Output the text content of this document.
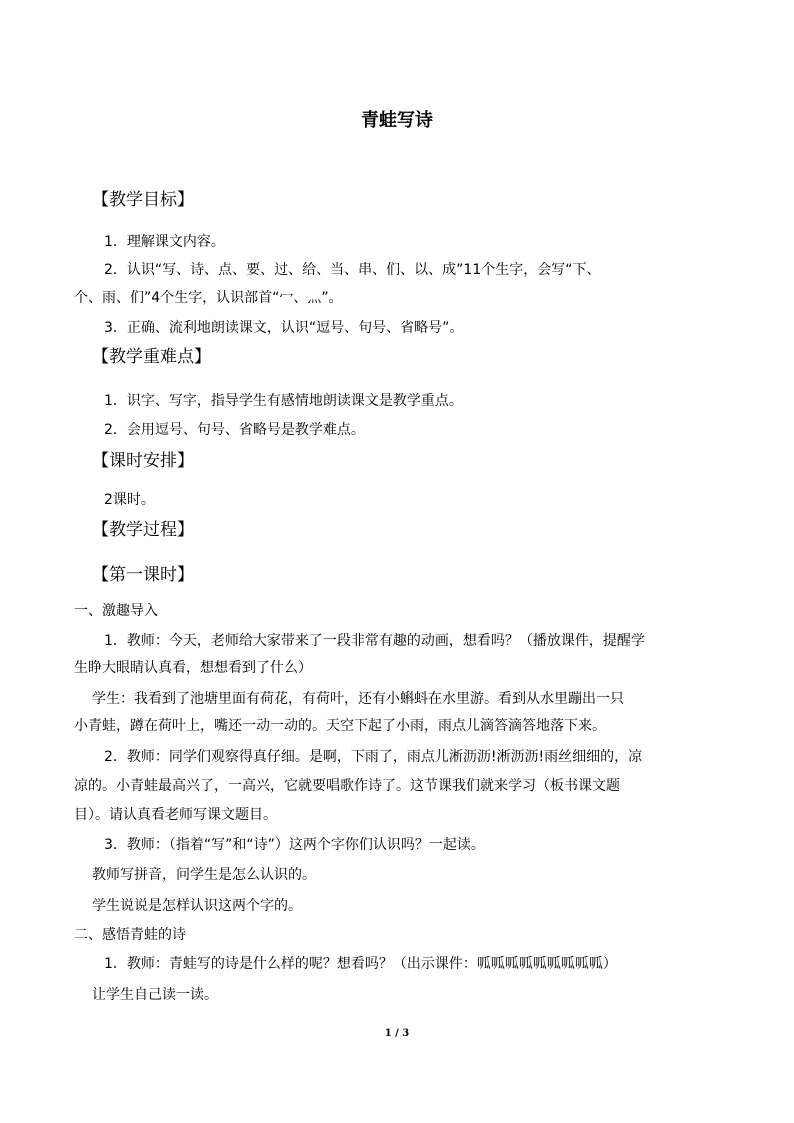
青蛙写诗
【教学目标】
1．理解课文内容。
2．认识“写、诗、点、要、过、给、当、串、们、以、成”11个生字，会写“下、
个、雨、们”4个生字，认识部首“冖、灬”。
3．正确、流利地朗读课文，认识“逗号、句号、省略号”。
【教学重难点】
1．识字、写字，指导学生有感情地朗读课文是教学重点。
2．会用逗号、句号、省略号是教学难点。
【课时安排】
2课时。
【教学过程】
【第一课时】
一、激趣导入
1．教师：今天，老师给大家带来了一段非常有趣的动画，想看吗？（播放课件，提醒学
生睁大眼睛认真看，想想看到了什么）
学生：我看到了池塘里面有荷花，有荷叶，还有小蝌蚪在水里游。看到从水里蹦出一只
小青蛙，蹲在荷叶上，嘴还一动一动的。天空下起了小雨，雨点儿滴答滴答地落下来。
2．教师：同学们观察得真仔细。是啊，下雨了，雨点儿淅沥沥!淅沥沥!雨丝细细的，凉
凉的。小青蛙最高兴了，一高兴，它就要唱歌作诗了。这节课我们就来学习（板书课文题
目）。请认真看老师写课文题目。
3．教师：（指着“写”和“诗”）这两个字你们认识吗？一起读。
教师写拼音，问学生是怎么认识的。
学生说说是怎样认识这两个字的。
二、感悟青蛙的诗
1．教师：青蛙写的诗是什么样的呢？想看吗？（出示课件：呱呱呱呱呱呱呱呱呱）
让学生自己读一读。
1 / 3
